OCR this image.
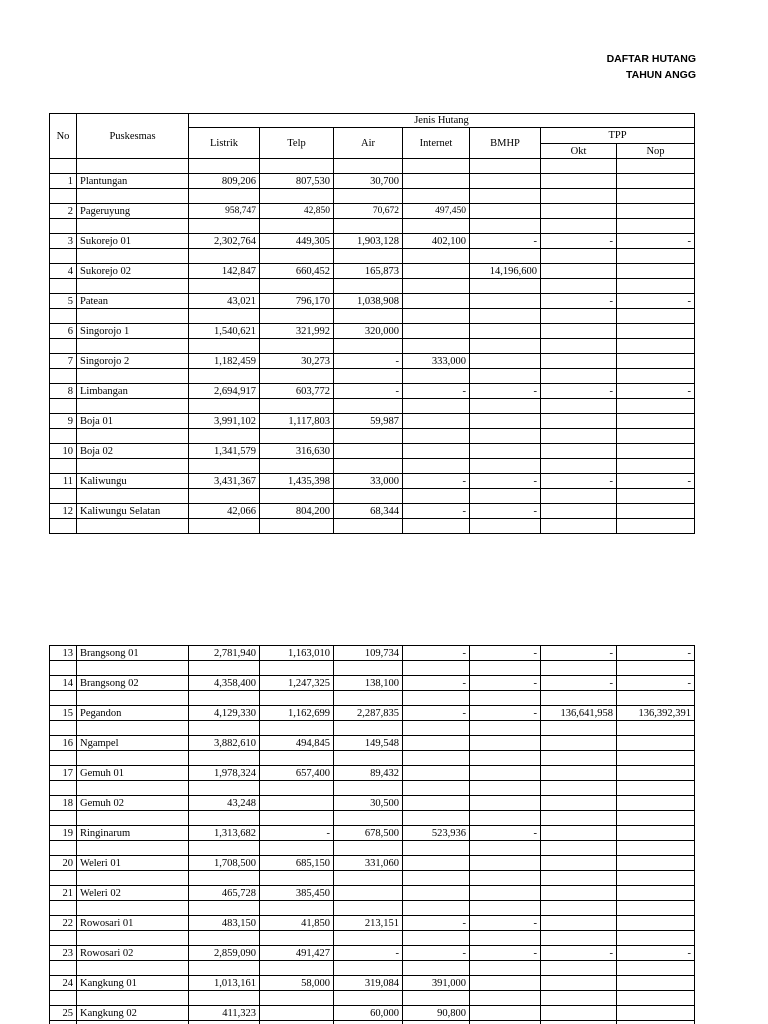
DAFTAR HUTANG
TAHUN ANGG
No	Puskesmas	Jenis Hutang						
		Listrik	Telp	Air	Internet	BMHP	TPP	
							Okt	Nop

1	Plantungan	809,206	807,530	30,700				

2	Pageruyung	958,747	42,850	70,672	497,450			

3	Sukorejo 01	2,302,764	449,305	1,903,128	402,100	-	-	-

4	Sukorejo 02	142,847	660,452	165,873		14,196,600		

5	Patean	43,021	796,170	1,038,908			-	-

6	Singorojo 1	1,540,621	321,992	320,000				

7	Singorojo 2	1,182,459	30,273	-	333,000			

8	Limbangan	2,694,917	603,772	-	-	-	-	-

9	Boja 01	3,991,102	1,117,803	59,987				

10	Boja 02	1,341,579	316,630					

11	Kaliwungu	3,431,367	1,435,398	33,000	-	-	-	-

12	Kaliwungu Selatan	42,066	804,200	68,344	-	-		

13	Brangsong 01	2,781,940	1,163,010	109,734	-	-	-	-

14	Brangsong 02	4,358,400	1,247,325	138,100	-	-	-	-

15	Pegandon	4,129,330	1,162,699	2,287,835	-	-	136,641,958	136,392,391

16	Ngampel	3,882,610	494,845	149,548				

17	Gemuh 01	1,978,324	657,400	89,432				

18	Gemuh 02	43,248		30,500				

19	Ringinarum	1,313,682	-	678,500	523,936	-		

20	Weleri 01	1,708,500	685,150	331,060				

21	Weleri 02	465,728	385,450					

22	Rowosari 01	483,150	41,850	213,151	-	-		

23	Rowosari 02	2,859,090	491,427	-	-	-	-	-

24	Kangkung 01	1,013,161	58,000	319,084	391,000			

25	Kangkung 02	411,323		60,000	90,800			
